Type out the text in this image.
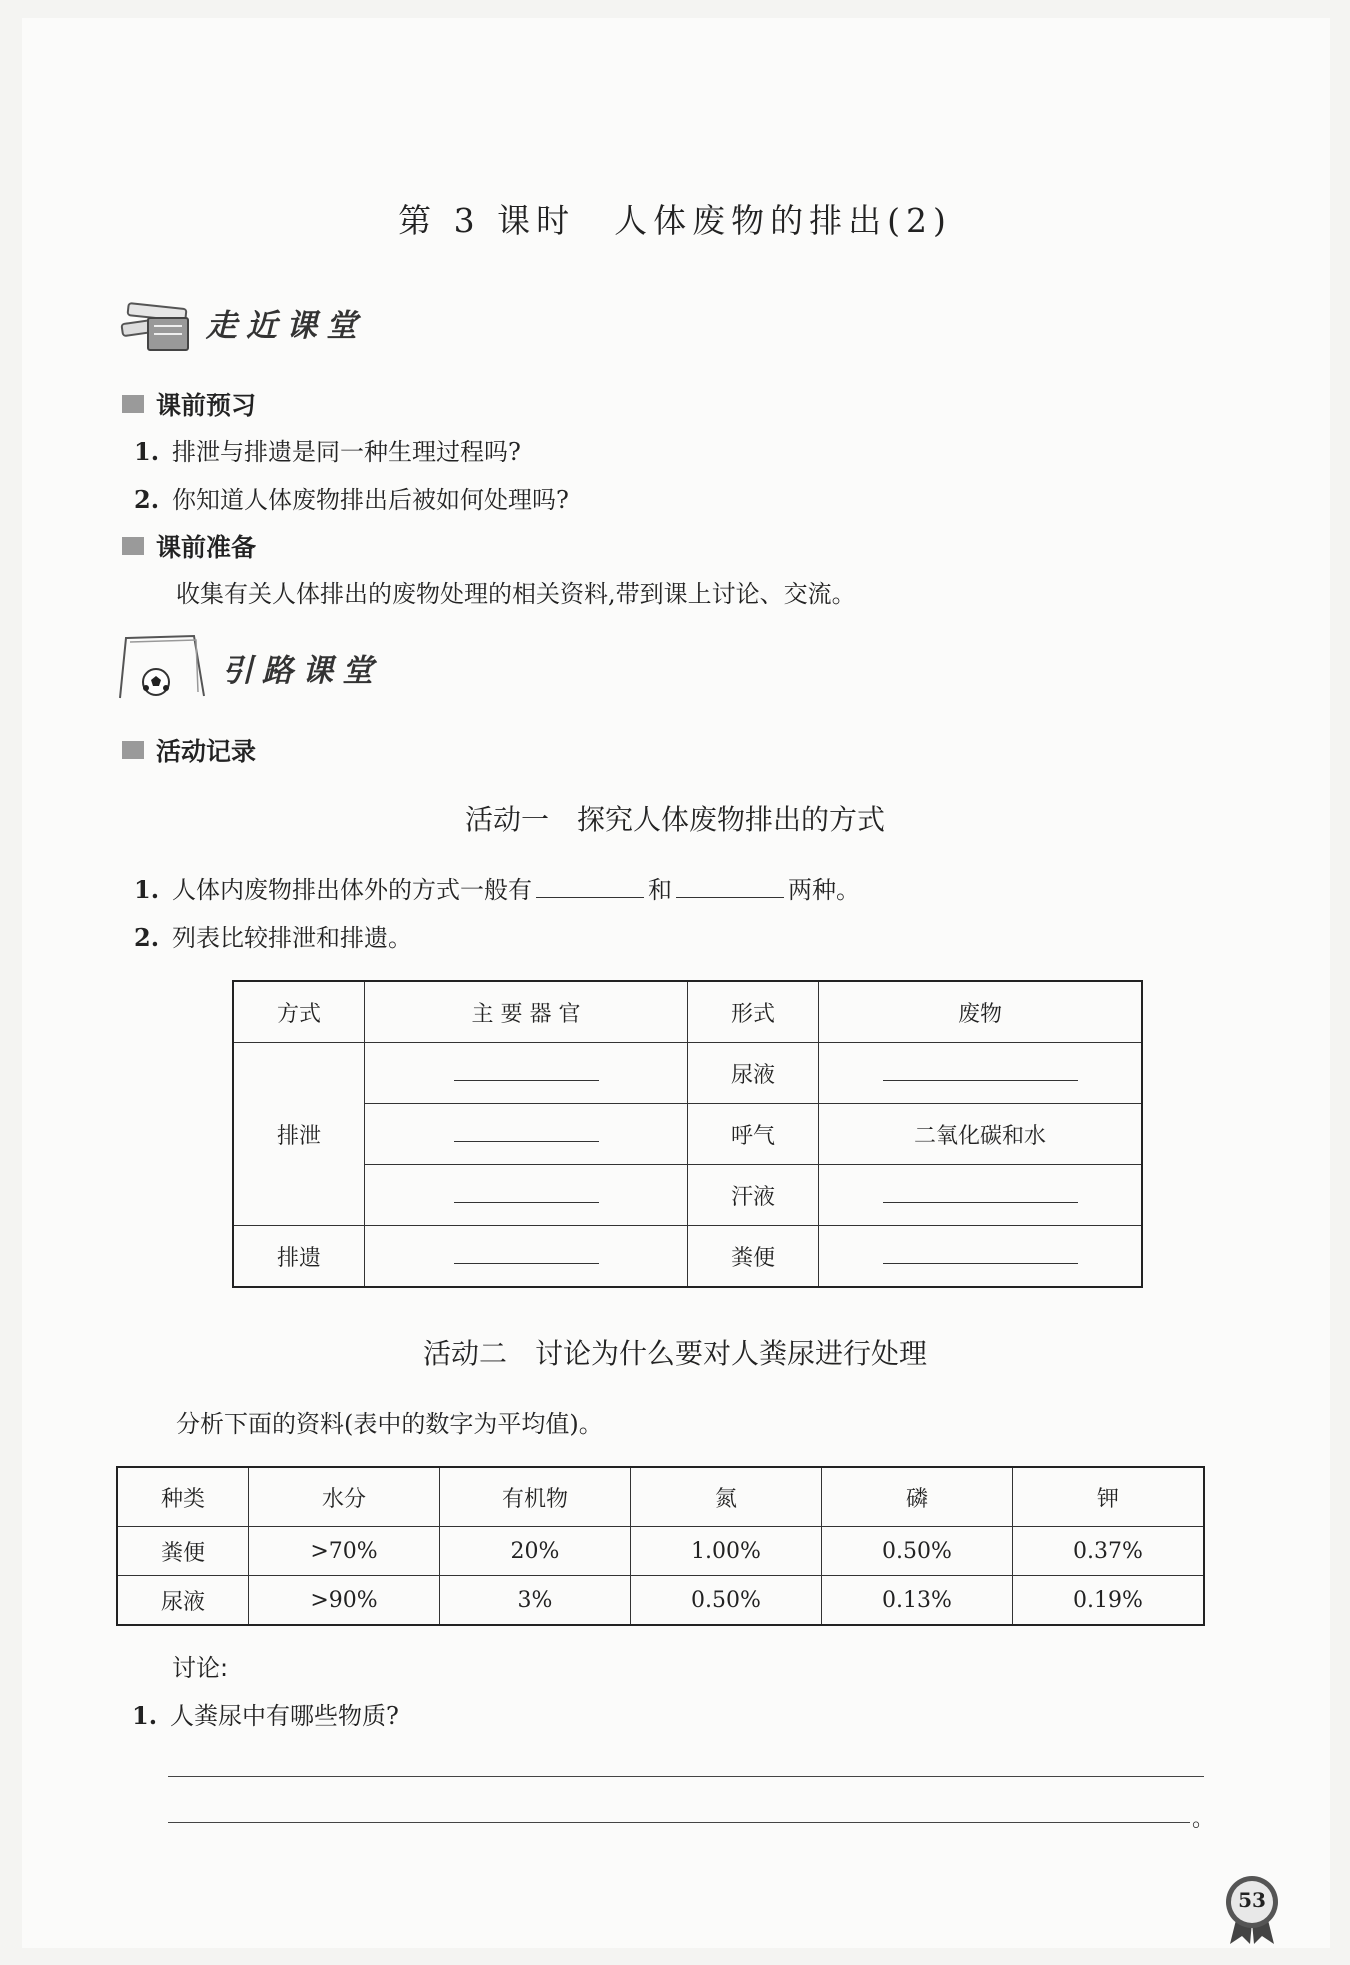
第 3 课时　人体废物的排出(2)
走近课堂
课前预习
1. 排泄与排遗是同一种生理过程吗?
2. 你知道人体废物排出后被如何处理吗?
课前准备
收集有关人体排出的废物处理的相关资料,带到课上讨论、交流。
引路课堂
活动记录
活动一　探究人体废物排出的方式
1. 人体内废物排出体外的方式一般有	和	两种。
2. 列表比较排泄和排遗。
方式	主 要 器 官	形式	废物
排泄		尿液	
		呼气	二氧化碳和水
		汗液	
排遗		粪便	
活动二　讨论为什么要对人粪尿进行处理
分析下面的资料(表中的数字为平均值)。
种类	水分	有机物	氮	磷	钾
粪便	>70%	20%	1.00%	0.50%	0.37%
尿液	>90%	3%	0.50%	0.13%	0.19%
讨论:
1. 人粪尿中有哪些物质?
。
53
